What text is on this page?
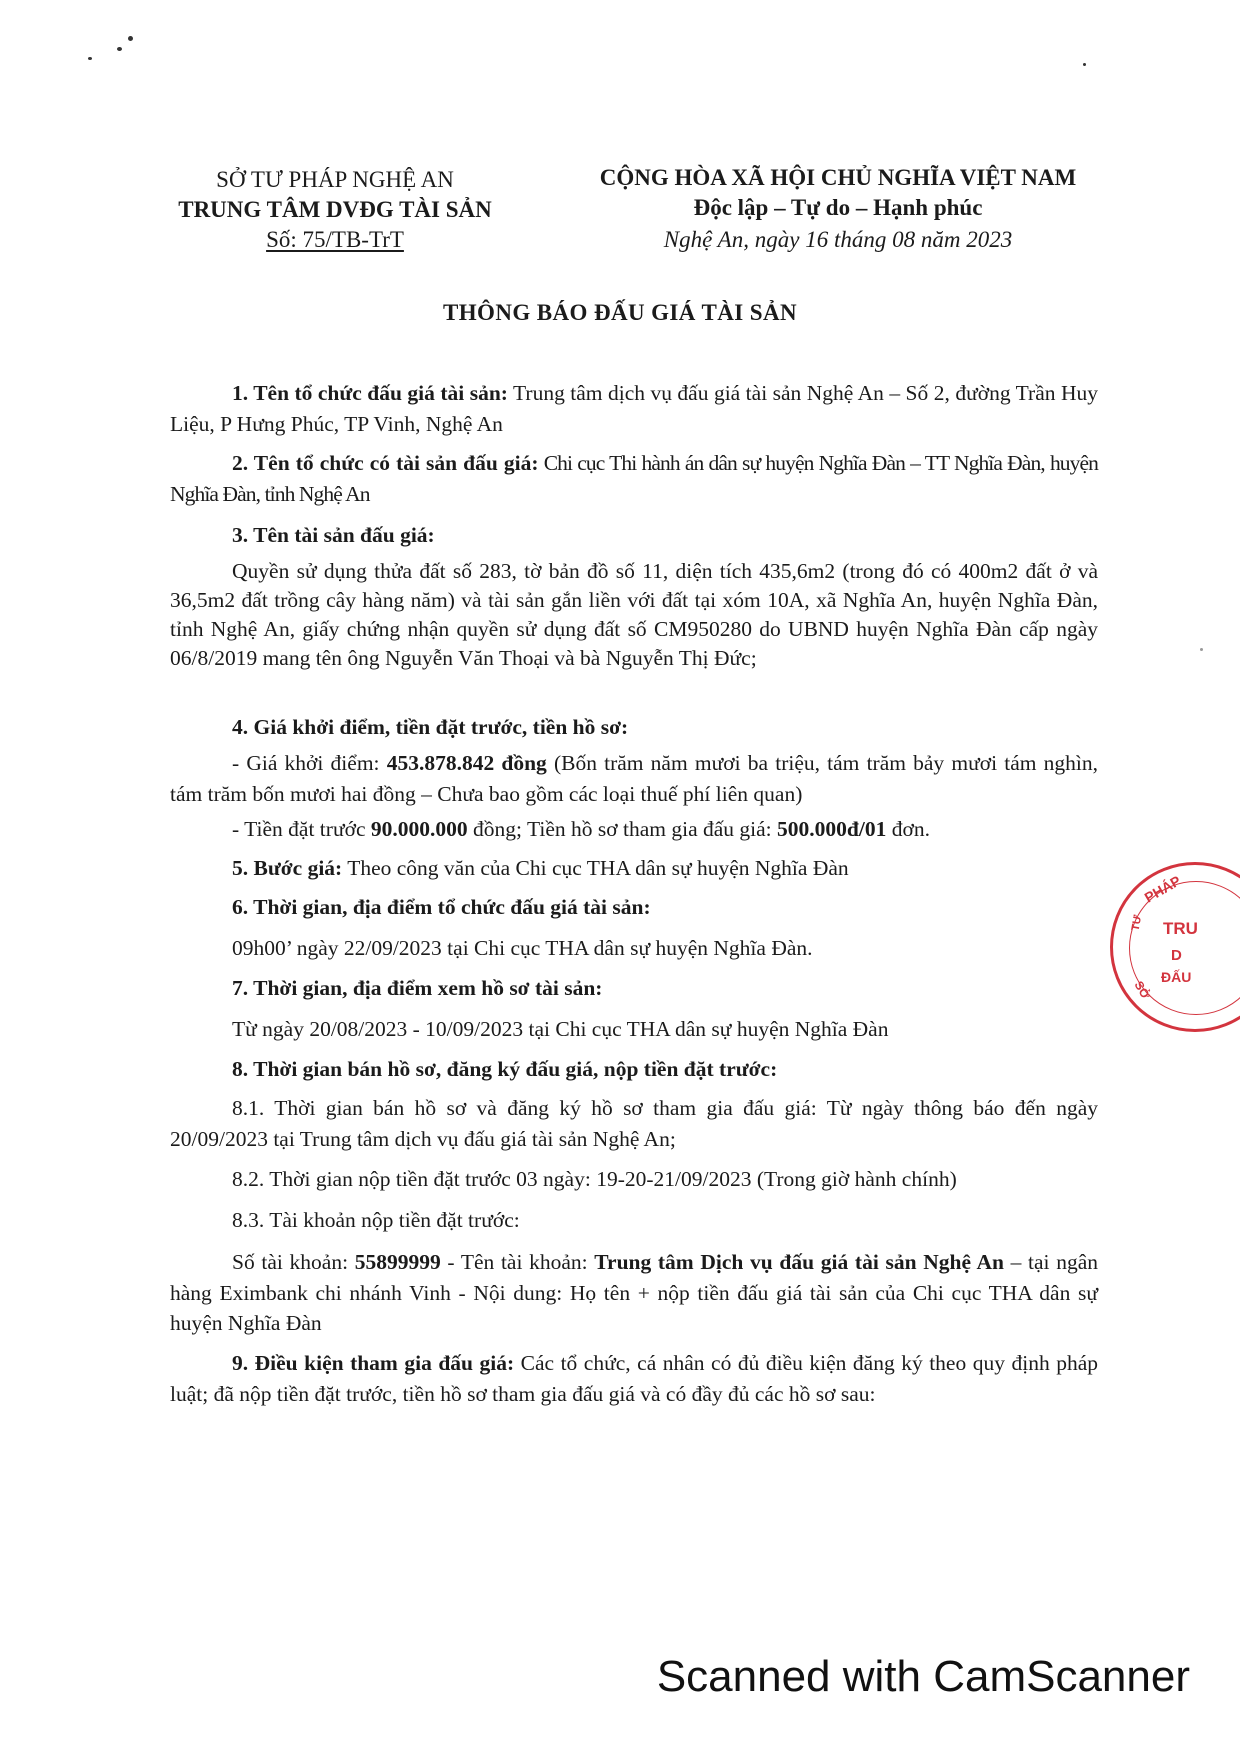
SỞ TƯ PHÁP NGHỆ AN
TRUNG TÂM DVĐG TÀI SẢN
Số: 75/TB-TrT
CỘNG HÒA XÃ HỘI CHỦ NGHĨA VIỆT NAM
Độc lập – Tự do – Hạnh phúc
Nghệ An, ngày 16 tháng 08 năm 2023
THÔNG BÁO ĐẤU GIÁ TÀI SẢN
1. Tên tổ chức đấu giá tài sản: Trung tâm dịch vụ đấu giá tài sản Nghệ An – Số 2, đường Trần Huy Liệu, P Hưng Phúc, TP Vinh, Nghệ An
2. Tên tổ chức có tài sản đấu giá: Chi cục Thi hành án dân sự huyện Nghĩa Đàn – TT Nghĩa Đàn, huyện Nghĩa Đàn, tỉnh Nghệ An
3. Tên tài sản đấu giá:
Quyền sử dụng thửa đất số 283, tờ bản đồ số 11, diện tích 435,6m2 (trong đó có 400m2 đất ở và 36,5m2 đất trồng cây hàng năm) và tài sản gắn liền với đất tại xóm 10A, xã Nghĩa An, huyện Nghĩa Đàn, tỉnh Nghệ An, giấy chứng nhận quyền sử dụng đất số CM950280 do UBND huyện Nghĩa Đàn cấp ngày 06/8/2019 mang tên ông Nguyễn Văn Thoại và bà Nguyễn Thị Đức;
4. Giá khởi điểm, tiền đặt trước, tiền hồ sơ:
- Giá khởi điểm: 453.878.842 đồng (Bốn trăm năm mươi ba triệu, tám trăm bảy mươi tám nghìn, tám trăm bốn mươi hai đồng – Chưa bao gồm các loại thuế phí liên quan)
- Tiền đặt trước 90.000.000 đồng; Tiền hồ sơ tham gia đấu giá: 500.000đ/01 đơn.
5. Bước giá: Theo công văn của Chi cục THA dân sự huyện Nghĩa Đàn
6. Thời gian, địa điểm tổ chức đấu giá tài sản:
09h00’ ngày 22/09/2023 tại Chi cục THA dân sự huyện Nghĩa Đàn.
7. Thời gian, địa điểm xem hồ sơ tài sản:
Từ ngày 20/08/2023 - 10/09/2023 tại Chi cục THA dân sự huyện Nghĩa Đàn
8. Thời gian bán hồ sơ, đăng ký đấu giá, nộp tiền đặt trước:
8.1. Thời gian bán hồ sơ và đăng ký hồ sơ tham gia đấu giá: Từ ngày thông báo đến ngày 20/09/2023 tại Trung tâm dịch vụ đấu giá tài sản Nghệ An;
8.2. Thời gian nộp tiền đặt trước 03 ngày: 19-20-21/09/2023 (Trong giờ hành chính)
8.3. Tài khoản nộp tiền đặt trước:
Số tài khoản: 55899999 - Tên tài khoản: Trung tâm Dịch vụ đấu giá tài sản Nghệ An – tại ngân hàng Eximbank chi nhánh Vinh - Nội dung: Họ tên + nộp tiền đấu giá tài sản của Chi cục THA dân sự huyện Nghĩa Đàn
9. Điều kiện tham gia đấu giá: Các tổ chức, cá nhân có đủ điều kiện đăng ký theo quy định pháp luật; đã nộp tiền đặt trước, tiền hồ sơ tham gia đấu giá và có đầy đủ các hồ sơ sau:
PHÁP
TRU
D
ĐẤU
SỞ
TƯ
Scanned with CamScanner
